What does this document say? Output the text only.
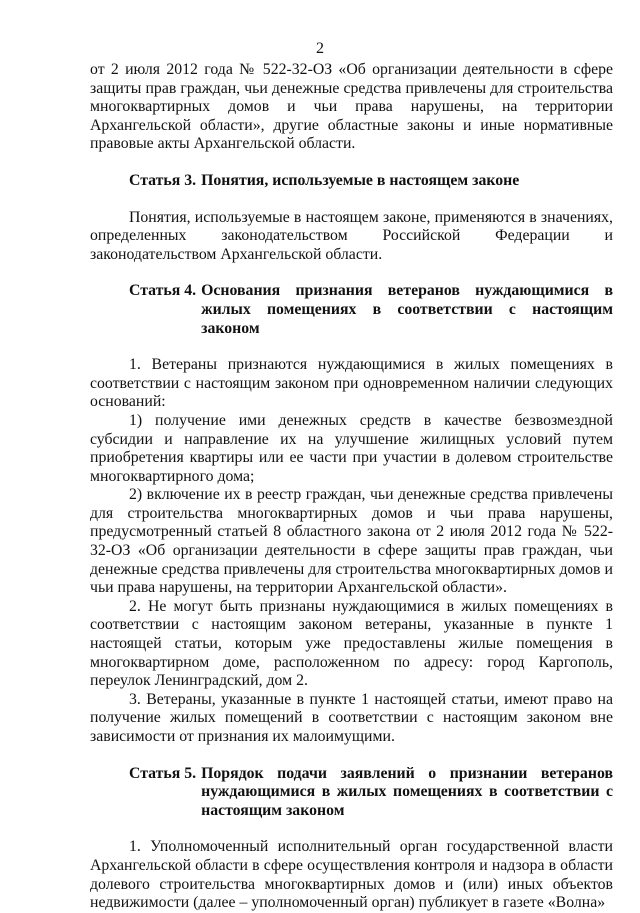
2

от 2 июля 2012 года № 522-32-ОЗ «Об организации деятельности в сфере защиты прав граждан, чьи денежные средства привлечены для строительства многоквартирных домов и чьи права нарушены, на территории Архангельской области», другие областные законы и иные нормативные правовые акты Архангельской области.

Статья 3. Понятия, используемые в настоящем законе

Понятия, используемые в настоящем законе, применяются в значениях, определенных законодательством Российской Федерации и законодательством Архангельской области.

Статья 4. Основания признания ветеранов нуждающимися в жилых помещениях в соответствии с настоящим законом

1. Ветераны признаются нуждающимися в жилых помещениях в соответствии с настоящим законом при одновременном наличии следующих оснований:

1) получение ими денежных средств в качестве безвозмездной субсидии и направление их на улучшение жилищных условий путем приобретения квартиры или ее части при участии в долевом строительстве многоквартирного дома;

2) включение их в реестр граждан, чьи денежные средства привлечены для строительства многоквартирных домов и чьи права нарушены, предусмотренный статьей 8 областного закона от 2 июля 2012 года № 522-32-ОЗ «Об организации деятельности в сфере защиты прав граждан, чьи денежные средства привлечены для строительства многоквартирных домов и чьи права нарушены, на территории Архангельской области».

2. Не могут быть признаны нуждающимися в жилых помещениях в соответствии с настоящим законом ветераны, указанные в пункте 1 настоящей статьи, которым уже предоставлены жилые помещения в многоквартирном доме, расположенном по адресу: город Каргополь, переулок Ленинградский, дом 2.

3. Ветераны, указанные в пункте 1 настоящей статьи, имеют право на получение жилых помещений в соответствии с настоящим законом вне зависимости от признания их малоимущими.

Статья 5. Порядок подачи заявлений о признании ветеранов нуждающимися в жилых помещениях в соответствии с настоящим законом

1. Уполномоченный исполнительный орган государственной власти Архангельской области в сфере осуществления контроля и надзора в области долевого строительства многоквартирных домов и (или) иных объектов недвижимости (далее – уполномоченный орган) публикует в газете «Волна»
